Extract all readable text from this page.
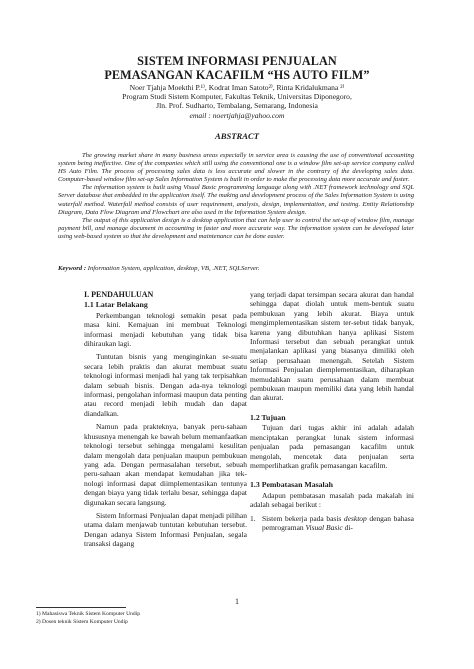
SISTEM INFORMASI PENJUALAN
PEMASANGAN KACAFILM “HS AUTO FILM”
Noer Tjahja Moekthi P.¹⁾, Kodrat Iman Satoto²⁾, Rinta Kridalukmana ²⁾
Program Studi Sistem Komputer, Fakultas Teknik, Universitas Diponegoro,
Jln. Prof. Sudharto, Tembalang, Semarang, Indonesia
email : noertjahja@yahoo.com
ABSTRACT

The growing market share in many business areas especially in service area is causing the use of conventional accounting system being ineffective. One of the companies which still using the conventional one is a window film set-up service company called HS Auto Film. The process of processing sales data is less accurate and slower in the contrary of the developing sales data. Computer-based window film set-up Sales Information System is built in order to make the processing data more accurate and faster.

The information system is built using Visual Basic programming language along with .NET framework technology and SQL Server database that embedded in the application itself. The making and development process of the Sales Information System is using waterfall method. Waterfall method consists of user requirement, analysis, design, implementation, and testing. Entity Relationship Diagram, Data Flow Diagram and Flowchart are also used in the Information System design.

The output of this application design is a desktop application that can help user to control the set-up of window film, manage payment bill, and manage document in accounting in faster and more accurate way. The information system can be developed later using web-based system so that the development and maintenance can be done easier.

Keyword : Information System, application, desktop, VB, .NET, SQLServer.
I. PENDAHULUAN
1.1 Latar Belakang

Perkembangan teknologi semakin pesat pada masa kini. Kemajuan ini membuat Teknologi informasi menjadi kebutuhan yang tidak bisa dihiraukan lagi.

Tuntutan bisnis yang menginginkan se-suatu secara lebih praktis dan akurat membuat suatu teknologi informasi menjadi hal yang tak terpisahkan dalam sebuah bisnis. Dengan ada-nya teknologi informasi, pengolahan informasi maupun data penting atau record menjadi lebih mudah dan dapat diandalkan.

Namun pada prakteknya, banyak peru-sahaan khususnya menengah ke bawah belum memanfaatkan teknologi tersebut sehingga mengalami kesulitan dalam mengolah data penjualan maupun pembukuan yang ada. Dengan permasalahan tersebut, sebuah peru-sahaan akan mendapat kemudahan jika tek-nologi informasi dapat diimplementasikan tentunya dengan biaya yang tidak terlalu besar, sehingga dapat digunakan secara langsung.

Sistem Informasi Penjualan dapat menjadi pilihan utama dalam menjawab tuntutan kebutuhan tersebut. Dengan adanya Sistem Informasi Penjualan, segala transaksi dagang

yang terjadi dapat tersimpan secara akurat dan handal sehingga dapat diolah untuk mem-bentuk suatu pembukuan yang lebih akurat. Biaya untuk mengimplementasikan sistem ter-sebut tidak banyak, karena yang dibutuhkan hanya aplikasi Sistem Informasi tersebut dan sebuah perangkat untuk menjalankan aplikasi yang biasanya dimiliki oleh setiap perusahaan menengah. Setelah Sistem Informasi Penjualan diemplementasikan, diharapkan memudahkan suatu perusahaan dalam membuat pembukuan maupun memiliki data yang lebih handal dan akurat.

1.2 Tujuan

Tujuan dari tugas akhir ini adalah adalah menciptakan perangkat lunak sistem informasi penjualan pada pemasangan kacafilm untuk mengolah, mencetak data penjualan serta memperlihatkan grafik pemasangan kacafilm.

1.3 Pembatasan Masalah

Adapun pembatasan masalah pada makalah ini adalah sebagai berikut :

1. Sistem bekerja pada basis desktop dengan bahasa pemrograman Visual Basic di-
1
1) Mahasiswa Teknik Sistem Komputer Undip
2) Dosen teknik Sistem Komputer Undip
